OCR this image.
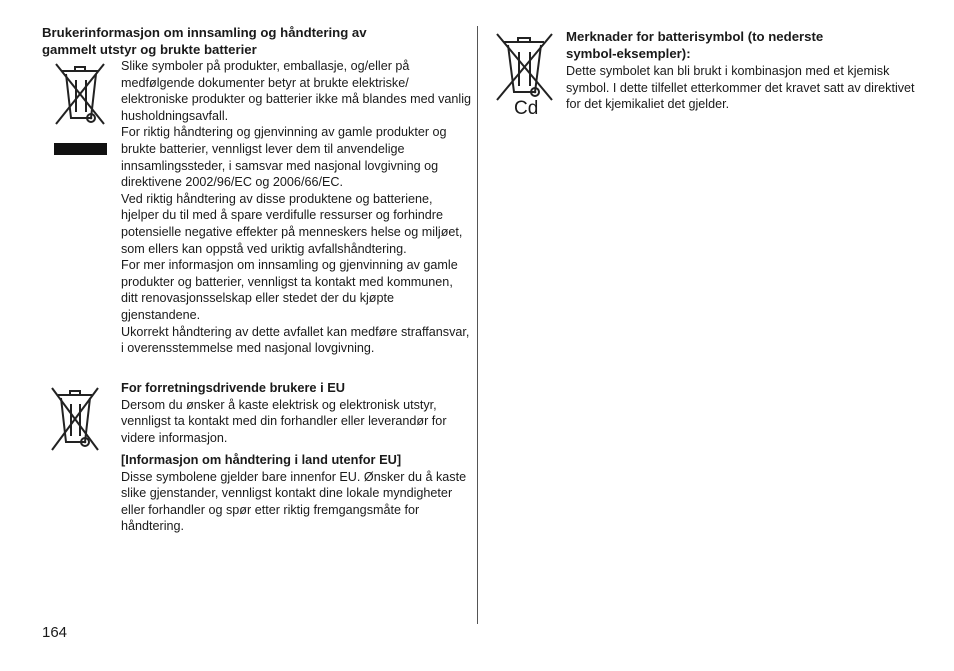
Brukerinformasjon om innsamling og håndtering av
gammelt utstyr og brukte batterier

Slike symboler på produkter, emballasje, og/eller på medfølgende dokumenter betyr at brukte elektriske/ elektroniske produkter og batterier ikke må blandes med vanlig husholdningsavfall.

For riktig håndtering og gjenvinning av gamle produkter og brukte batterier, vennligst lever dem til anvendelige innsamlingssteder, i samsvar med nasjonal lovgivning og direktivene 2002/96/EC og 2006/66/EC.

Ved riktig håndtering av disse produktene og batteriene, hjelper du til med å spare verdifulle ressurser og forhindre potensielle negative effekter på menneskers helse og miljøet, som ellers kan oppstå ved uriktig avfallshåndtering.

For mer informasjon om innsamling og gjenvinning av gamle produkter og batterier, vennligst ta kontakt med kommunen, ditt renovasjonsselskap eller stedet der du kjøpte gjenstandene.

Ukorrekt håndtering av dette avfallet kan medføre straffansvar, i overensstemmelse med nasjonal lovgivning.

For forretningsdrivende brukere i EU

Dersom du ønsker å kaste elektrisk og elektronisk utstyr, vennligst ta kontakt med din forhandler eller leverandør for videre informasjon.

[Informasjon om håndtering i land utenfor EU]

Disse symbolene gjelder bare innenfor EU. Ønsker du å kaste slike gjenstander, vennligst kontakt dine lokale myndigheter eller forhandler og spør etter riktig fremgangsmåte for håndtering.

Cd
Merknader for batterisymbol (to nederste
symbol-eksempler):

Dette symbolet kan bli brukt i kombinasjon med et kjemisk symbol. I dette tilfellet etterkommer det kravet satt av direktivet for det kjemikaliet det gjelder.

164
